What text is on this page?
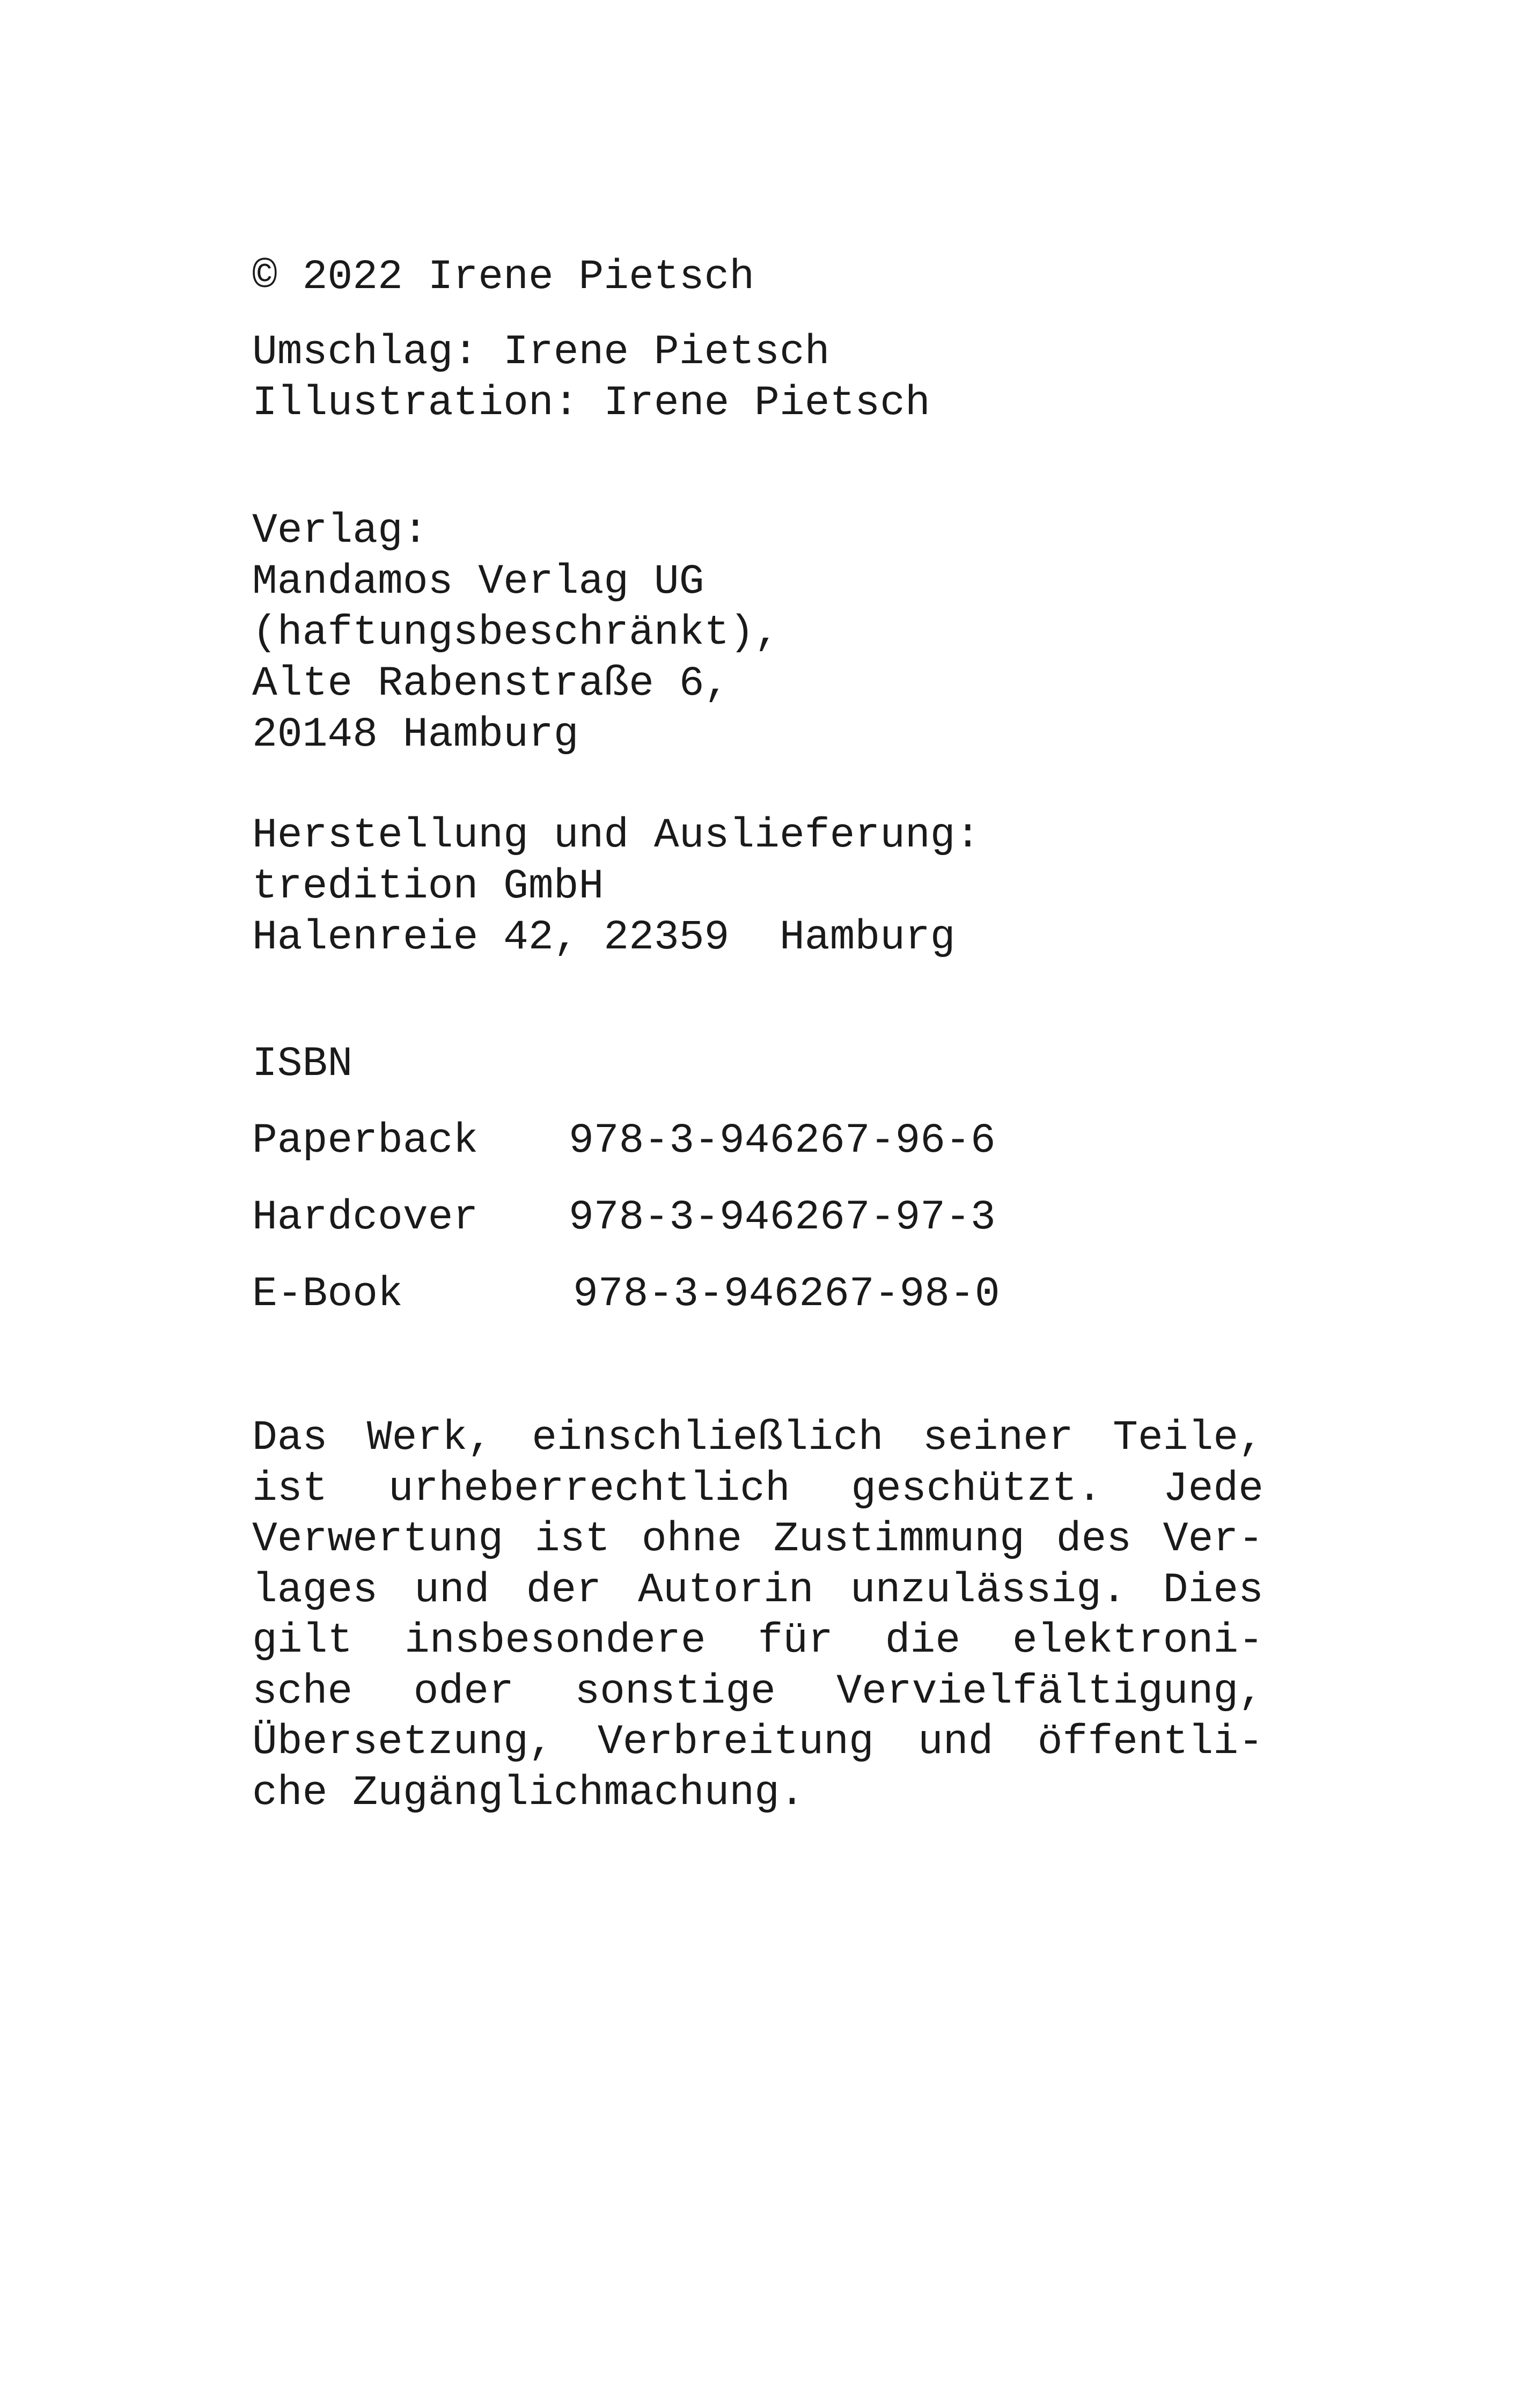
© 2022 Irene Pietsch

Umschlag: Irene Pietsch

Illustration: Irene Pietsch

Verlag:

Mandamos Verlag UG

(haftungsbeschränkt),

Alte Rabenstraße 6,

20148 Hamburg

Herstellung und Auslieferung:

tredition GmbH

Halenreie 42, 22359  Hamburg

ISBN

Paperback 978-3-946267-96-6
Hardcover 978-3-946267-97-3
E-Book	978-3-946267-98-0
Das Werk, einschließlich seiner Teile,
ist urheberrechtlich geschützt. Jede
Verwertung ist ohne Zustimmung des Ver-
lages und der Autorin unzulässig. Dies
gilt insbesondere für die elektroni-
sche oder sonstige Vervielfältigung,
Übersetzung, Verbreitung und öffentli-
che Zugänglichmachung.
